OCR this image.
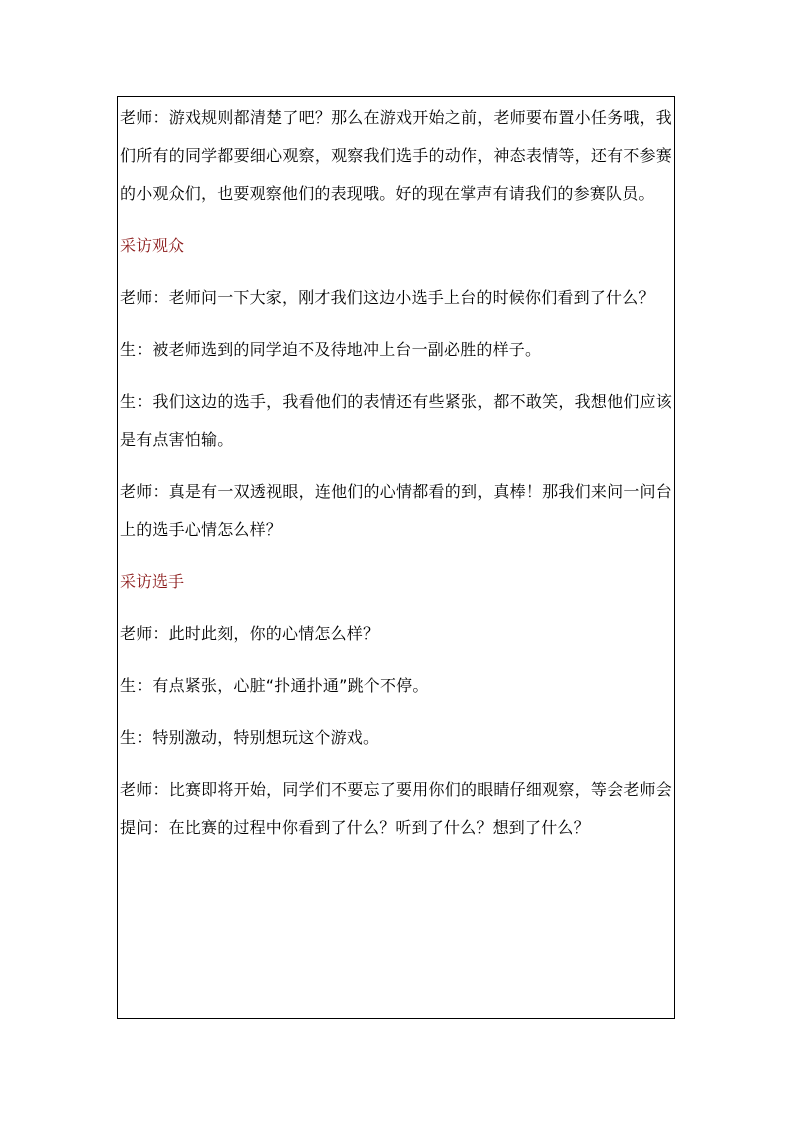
老师：游戏规则都清楚了吧？那么在游戏开始之前，老师要布置小任务哦，我们所有的同学都要细心观察，观察我们选手的动作，神态表情等，还有不参赛的小观众们，也要观察他们的表现哦。好的现在掌声有请我们的参赛队员。

采访观众

老师：老师问一下大家，刚才我们这边小选手上台的时候你们看到了什么？

生：被老师选到的同学迫不及待地冲上台一副必胜的样子。

生：我们这边的选手，我看他们的表情还有些紧张，都不敢笑，我想他们应该是有点害怕输。

老师：真是有一双透视眼，连他们的心情都看的到，真棒！那我们来问一问台上的选手心情怎么样？

采访选手

老师：此时此刻，你的心情怎么样？

生：有点紧张，心脏“扑通扑通”跳个不停。

生：特别激动，特别想玩这个游戏。

老师：比赛即将开始，同学们不要忘了要用你们的眼睛仔细观察，等会老师会提问：在比赛的过程中你看到了什么？听到了什么？想到了什么？
